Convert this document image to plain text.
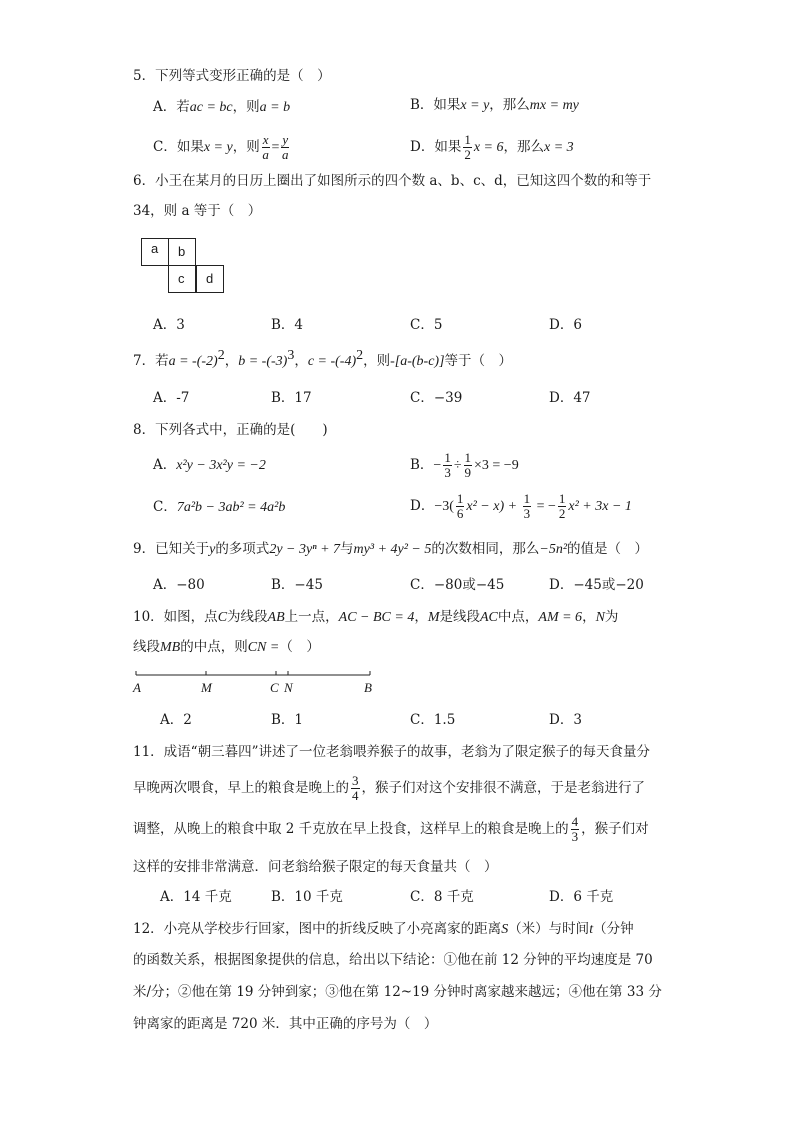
5．下列等式变形正确的是（　）
A．若ac = bc，则a = b	B．如果x = y，那么mx = my
C．如果x = y，则 $\frac{x}{a} = \frac{y}{a}$	D．如果 $\frac{1}{2}$ x = 6，那么x = 3
6．小王在某月的日历上圈出了如图所示的四个数 a、b、c、d，已知这四个数的和等于
34，则 a 等于（　）
a b
c d
A．3	B．4	C．5	D．6
7．若$a = -(-2)^2$，$b = -(-3)^3$，$c = -(-4)^2$，则-[a-(b-c)]等于（　）
A．-7	B．17	C．−39	D．47
8．下列各式中，正确的是(　　)
A．x²y − 3x²y = −2	B．− $\frac{1}{3} \div \frac{1}{9} \times 3 = -9$
C．7a²b − 3ab² = 4a²b	D．$-3( \frac{1}{6} x^2 - x) + \frac{1}{3}$ = − $\frac{1}{2} x^2 + 3x - 1$
9．已知关于y的多项式2y − 3yⁿ + 7与my³ + 4y² − 5的次数相同，那么−5n²的值是（　）
A．−80	B．−45	C．−80或−45	D．−45或−20
10．如图，点C为线段AB上一点，AC − BC = 4，M是线段AC中点，AM = 6，N为
线段MB的中点，则CN =（　）
A	M	C N	B
A．2	B．1	C．1.5	D．3
11．成语“朝三暮四”讲述了一位老翁喂养猴子的故事，老翁为了限定猴子的每天食量分
早晚两次喂食，早上的粮食是晚上的 $\frac{3}{4}$ ，猴子们对这个安排很不满意，于是老翁进行了
调整，从晚上的粮食中取 2 千克放在早上投食，这样早上的粮食是晚上的 $\frac{4}{3}$ ，猴子们对
这样的安排非常满意．问老翁给猴子限定的每天食量共（　）
A．14 千克	B．10 千克	C．8 千克	D．6 千克
12．小亮从学校步行回家，图中的折线反映了小亮离家的距离S（米）与时间t（分钟
的函数关系，根据图象提供的信息，给出以下结论：①他在前 12 分钟的平均速度是 70
米/分；②他在第 19 分钟到家；③他在第 12~19 分钟时离家越来越远；④他在第 33 分
钟离家的距离是 720 米．其中正确的序号为（　）
